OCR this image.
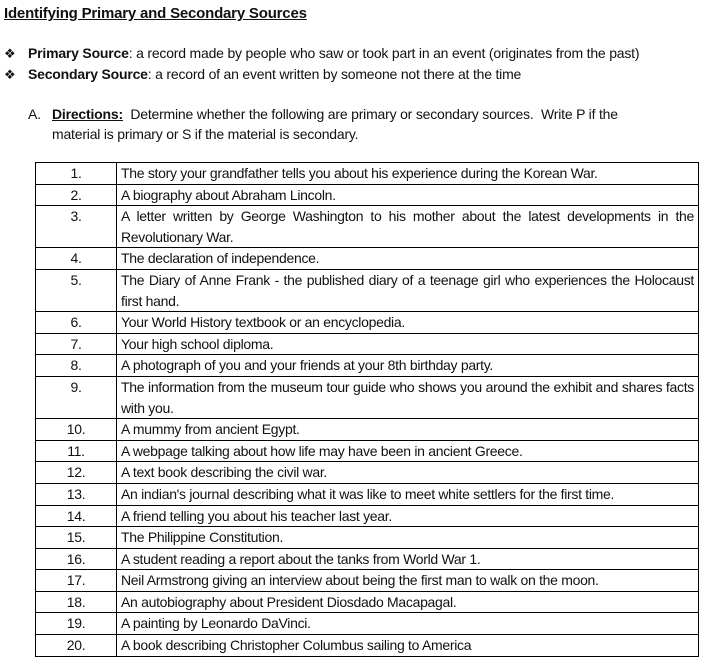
Identifying Primary and Secondary Sources
❖ Primary Source: a record made by people who saw or took part in an event (originates from the past)
❖ Secondary Source: a record of an event written by someone not there at the time
A. Directions:  Determine whether the following are primary or secondary sources.  Write P if the
material is primary or S if the material is secondary.
1.	The story your grandfather tells you about his experience during the Korean War.
2.	A biography about Abraham Lincoln.
3.	A letter written by George Washington to his mother about the latest developments in the Revolutionary War.
4.	The declaration of independence.
5.	The Diary of Anne Frank - the published diary of a teenage girl who experiences the Holocaust first hand.
6.	Your World History textbook or an encyclopedia.
7.	Your high school diploma.
8.	A photograph of you and your friends at your 8th birthday party.
9.	The information from the museum tour guide who shows you around the exhibit and shares facts with you.
10.	A mummy from ancient Egypt.
11.	A webpage talking about how life may have been in ancient Greece.
12.	A text book describing the civil war.
13.	An indian's journal describing what it was like to meet white settlers for the first time.
14.	A friend telling you about his teacher last year.
15.	The Philippine Constitution.
16.	A student reading a report about the tanks from World War 1.
17.	Neil Armstrong giving an interview about being the first man to walk on the moon.
18.	An autobiography about President Diosdado Macapagal.
19.	A painting by Leonardo DaVinci.
20.	A book describing Christopher Columbus sailing to America
